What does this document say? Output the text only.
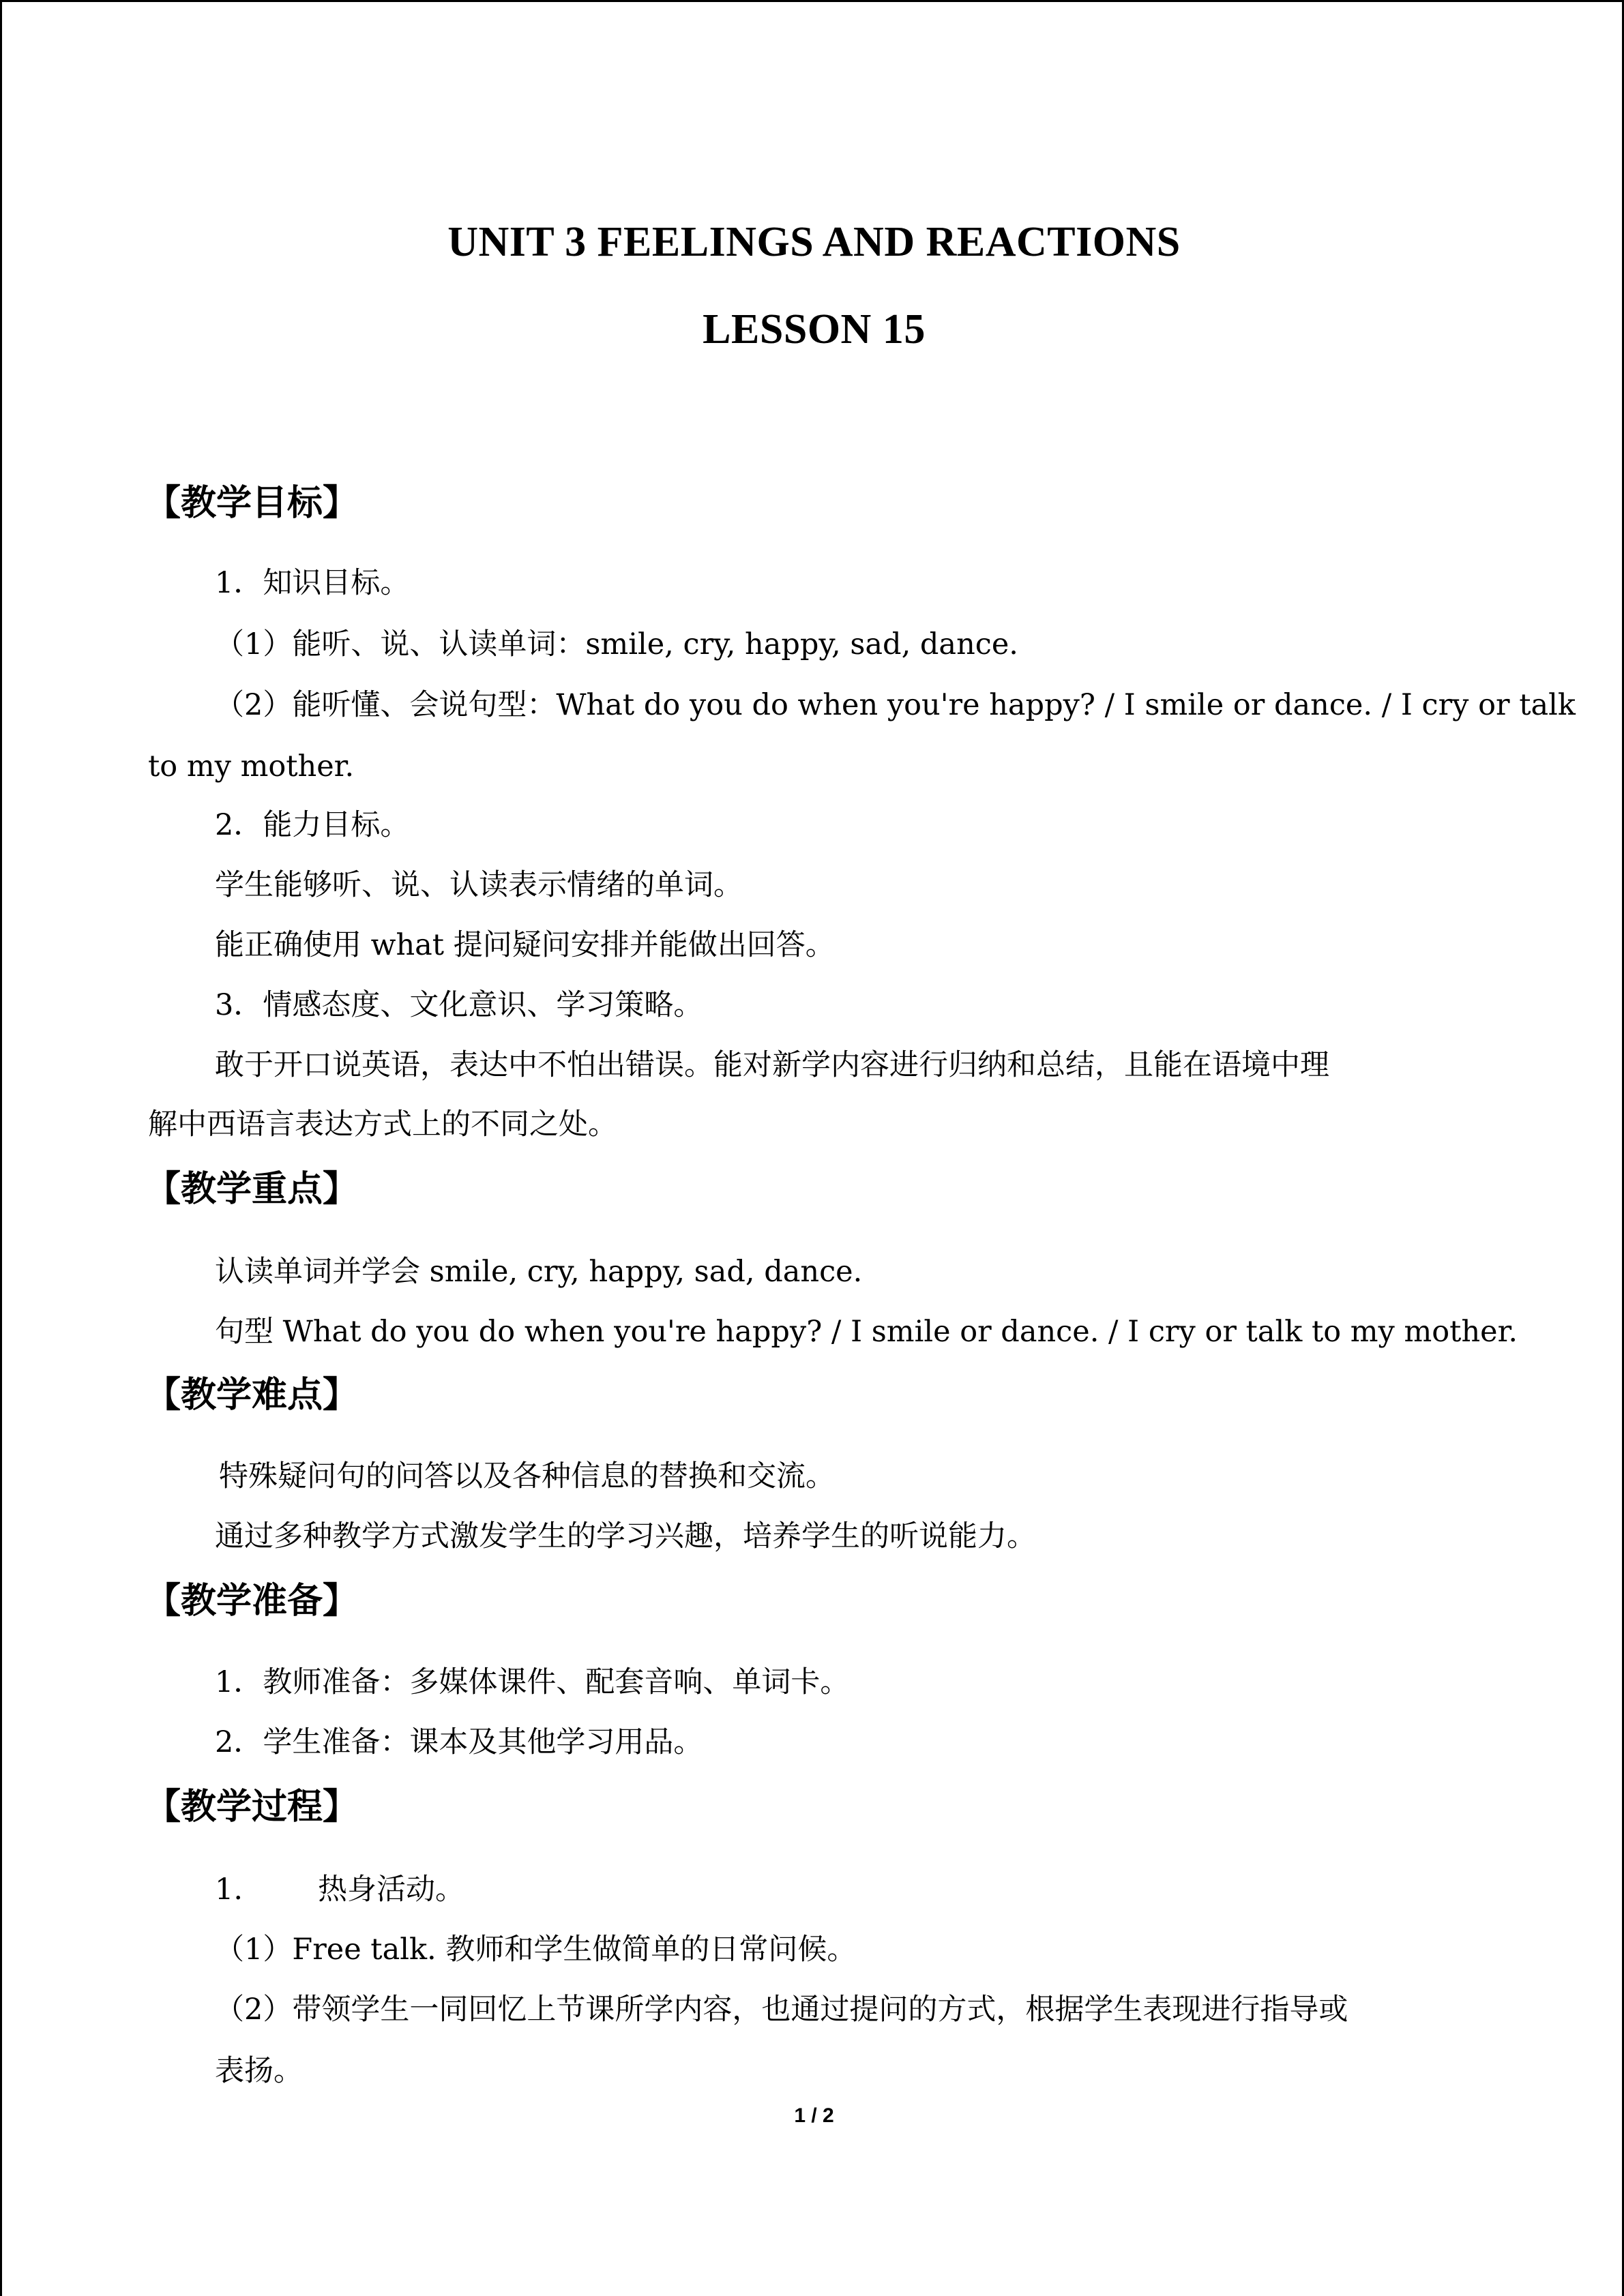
UNIT 3 FEELINGS AND REACTIONS
LESSON 15
【教学目标】
1．知识目标。
（1）能听、说、认读单词：smile, cry, happy, sad, dance.
（2）能听懂、会说句型：What do you do when you're happy? / I smile or dance. / I cry or talk
to my mother.
2．能力目标。
学生能够听、说、认读表示情绪的单词。
能正确使用 what 提问疑问安排并能做出回答。
3．情感态度、文化意识、学习策略。
敢于开口说英语，表达中不怕出错误。能对新学内容进行归纳和总结，且能在语境中理
解中西语言表达方式上的不同之处。
【教学重点】
认读单词并学会 smile, cry, happy, sad, dance.
句型 What do you do when you're happy? / I smile or dance. / I cry or talk to my mother.
【教学难点】
特殊疑问句的问答以及各种信息的替换和交流。
通过多种教学方式激发学生的学习兴趣，培养学生的听说能力。
【教学准备】
1．教师准备：多媒体课件、配套音响、单词卡。
2．学生准备：课本及其他学习用品。
【教学过程】
1.	热身活动。
（1）Free talk. 教师和学生做简单的日常问候。
（2）带领学生一同回忆上节课所学内容，也通过提问的方式，根据学生表现进行指导或
表扬。
1 / 2
